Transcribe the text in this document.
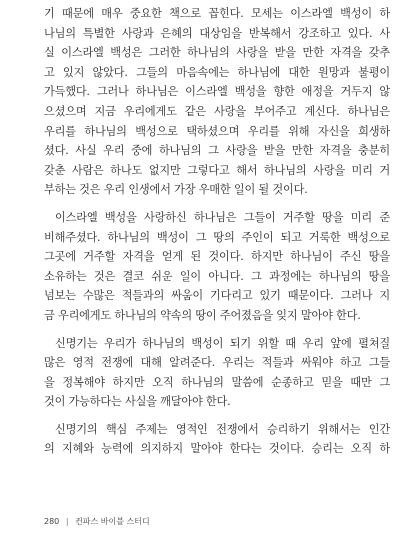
기 때문에 매우 중요한 책으로 꼽힌다. 모세는 이스라엘 백성이 하
나님의 특별한 사랑과 은혜의 대상임을 반복해서 강조하고 있다. 사
실 이스라엘 백성은 그러한 하나님의 사랑을 받을 만한 자격을 갖추
고 있지 않았다. 그들의 마음속에는 하나님에 대한 원망과 불평이
가득했다. 그러나 하나님은 이스라엘 백성을 향한 애정을 거두지 않
으셨으며 지금 우리에게도 같은 사랑을 부어주고 계신다. 하나님은
우리를 하나님의 백성으로 택하셨으며 우리를 위해 자신을 희생하
셨다. 사실 우리 중에 하나님의 그 사랑을 받을 만한 자격을 충분히
갖춘 사람은 하나도 없지만 그렇다고 해서 하나님의 사랑을 미리 거
부하는 것은 우리 인생에서 가장 우매한 일이 될 것이다.
이스라엘 백성을 사랑하신 하나님은 그들이 거주할 땅을 미리 준
비해주셨다. 하나님의 백성이 그 땅의 주인이 되고 거룩한 백성으로
그곳에 거주할 자격을 얻게 된 것이다. 하지만 하나님이 주신 땅을
소유하는 것은 결코 쉬운 일이 아니다. 그 과정에는 하나님의 땅을
넘보는 수많은 적들과의 싸움이 기다리고 있기 때문이다. 그러나 지
금 우리에게도 하나님의 약속의 땅이 주어졌음을 잊지 말아야 한다.
신명기는 우리가 하나님의 백성이 되기 위할 때 우리 앞에 펼쳐질
많은 영적 전쟁에 대해 알려준다. 우리는 적들과 싸워야 하고 그들
을 정복해야 하지만 오직 하나님의 말씀에 순종하고 믿을 때만 그
것이 가능하다는 사실을 깨달아야 한다.
신명기의 핵심 주제는 영적인 전쟁에서 승리하기 위해서는 인간
의 지혜와 능력에 의지하지 말아야 한다는 것이다. 승리는 오직 하
280 | 컨파스 바이블 스터디
